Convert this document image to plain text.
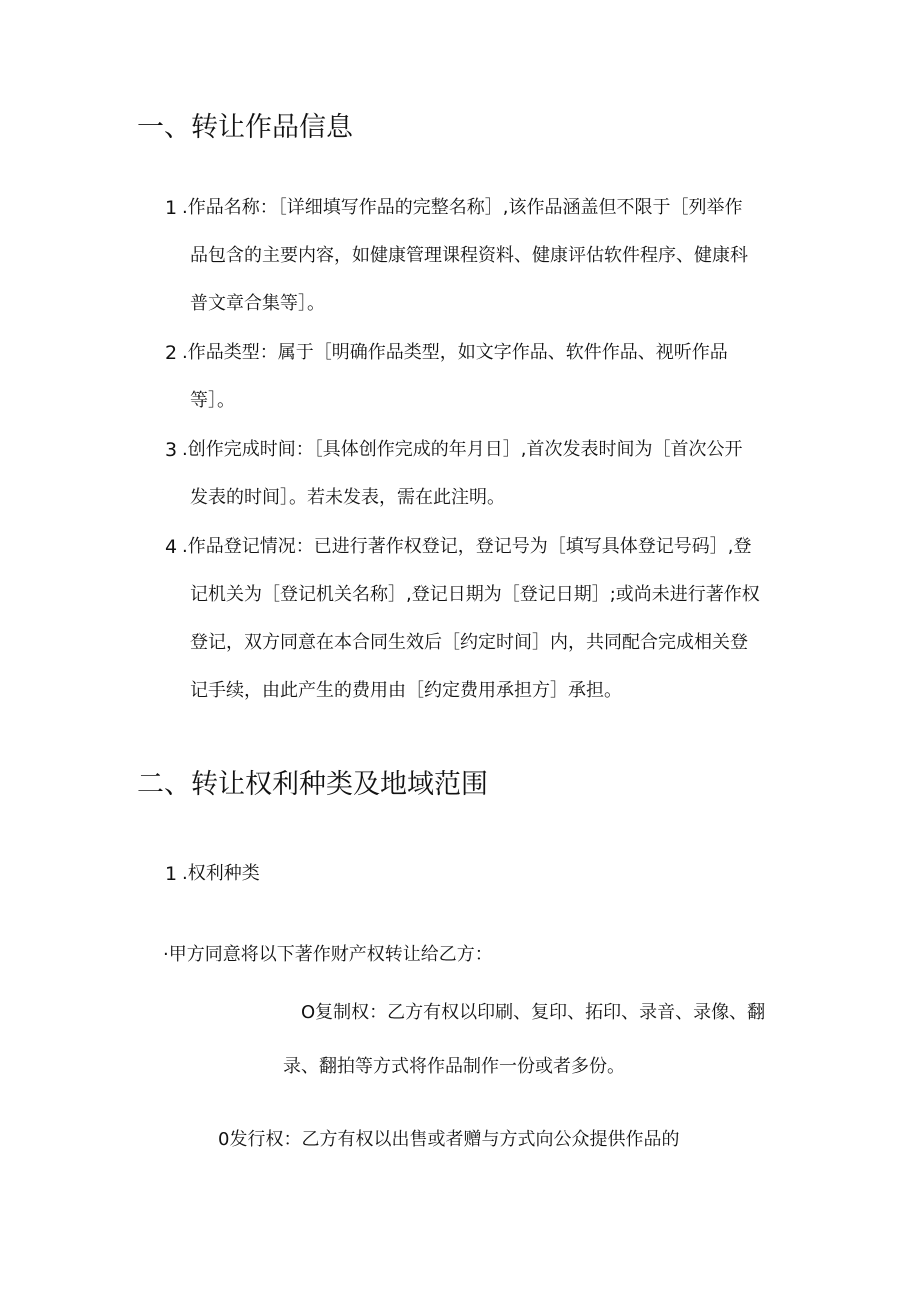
一、转让作品信息
1 .作品名称：［详细填写作品的完整名称］,该作品涵盖但不限于［列举作
品包含的主要内容，如健康管理课程资料、健康评估软件程序、健康科
普文章合集等］。
2 .作品类型：属于［明确作品类型，如文字作品、软件作品、视听作品
等］。
3 .创作完成时间：［具体创作完成的年月日］,首次发表时间为［首次公开
发表的时间］。若未发表，需在此注明。
4 .作品登记情况：已进行著作权登记，登记号为［填写具体登记号码］,登
记机关为［登记机关名称］,登记日期为［登记日期］;或尚未进行著作权
登记，双方同意在本合同生效后［约定时间］内，共同配合完成相关登
记手续，由此产生的费用由［约定费用承担方］承担。
二、转让权利种类及地域范围
1 .权利种类
·甲方同意将以下著作财产权转让给乙方：
O复制权：乙方有权以印刷、复印、拓印、录音、录像、翻
录、翻拍等方式将作品制作一份或者多份。
0发行权：乙方有权以出售或者赠与方式向公众提供作品的
